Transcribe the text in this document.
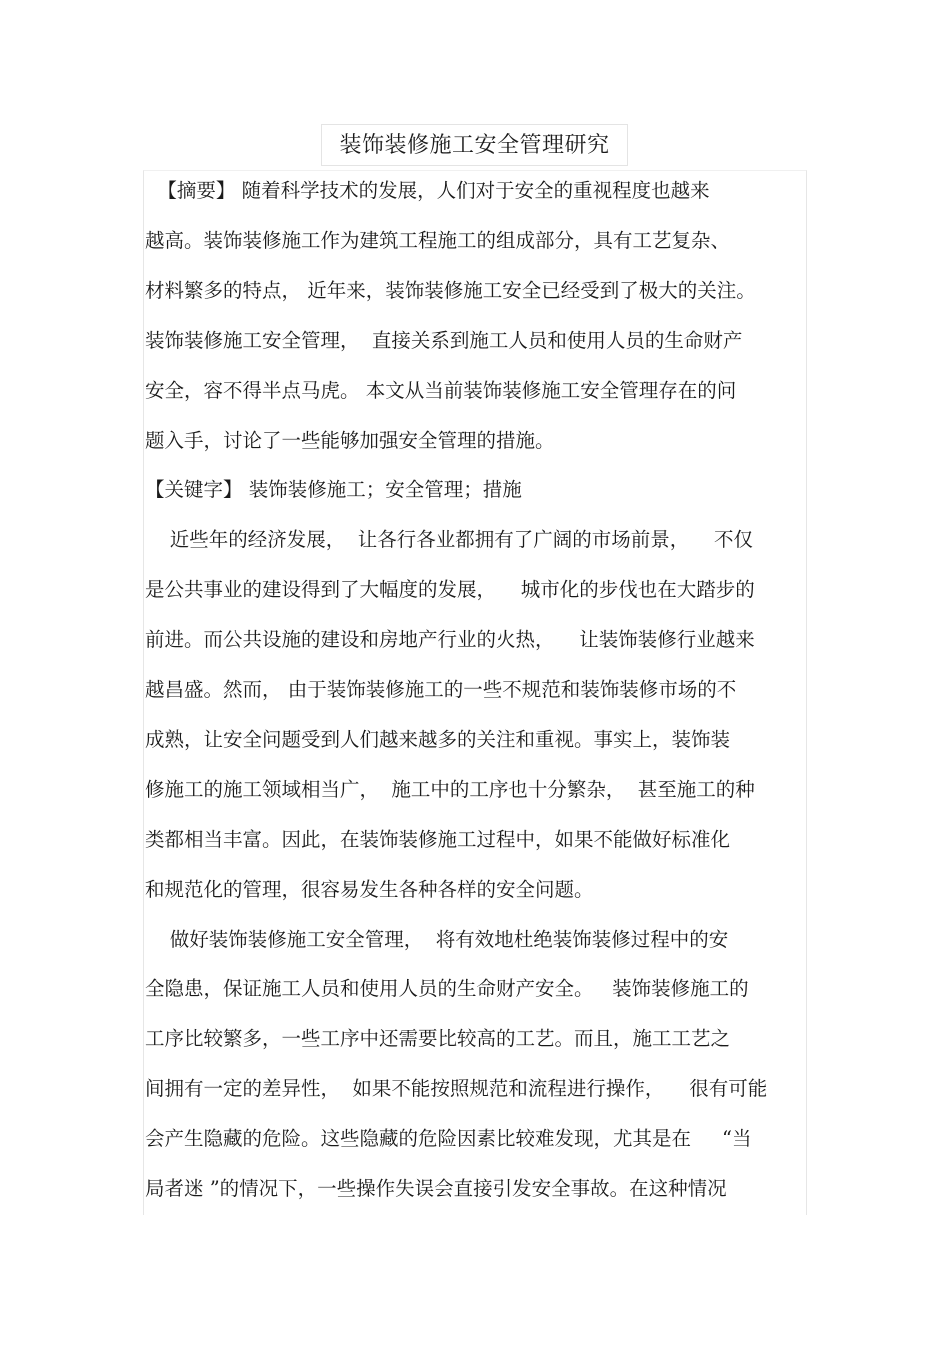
装饰装修施工安全管理研究
【摘要】 随着科学技术的发展，人们对于安全的重视程度也越来
越高。装饰装修施工作为建筑工程施工的组成部分，具有工艺复杂、
材料繁多的特点， 近年来，装饰装修施工安全已经受到了极大的关注。
装饰装修施工安全管理，  直接关系到施工人员和使用人员的生命财产
安全，容不得半点马虎。 本文从当前装饰装修施工安全管理存在的问
题入手，讨论了一些能够加强安全管理的措施。
【关键字】 装饰装修施工；安全管理；措施
近些年的经济发展，  让各行各业都拥有了广阔的市场前景，    不仅
是公共事业的建设得到了大幅度的发展，    城市化的步伐也在大踏步的
前进。而公共设施的建设和房地产行业的火热，    让装饰装修行业越来
越昌盛。然而， 由于装饰装修施工的一些不规范和装饰装修市场的不
成熟，让安全问题受到人们越来越多的关注和重视。事实上，装饰装
修施工的施工领域相当广，  施工中的工序也十分繁杂，  甚至施工的种
类都相当丰富。因此，在装饰装修施工过程中，如果不能做好标准化
和规范化的管理，很容易发生各种各样的安全问题。
做好装饰装修施工安全管理，  将有效地杜绝装饰装修过程中的安
全隐患，保证施工人员和使用人员的生命财产安全。   装饰装修施工的
工序比较繁多，一些工序中还需要比较高的工艺。而且，施工工艺之
间拥有一定的差异性，  如果不能按照规范和流程进行操作，    很有可能
会产生隐藏的危险。这些隐藏的危险因素比较难发现，尤其是在     “当
局者迷 ”的情况下，一些操作失误会直接引发安全事故。在这种情况
